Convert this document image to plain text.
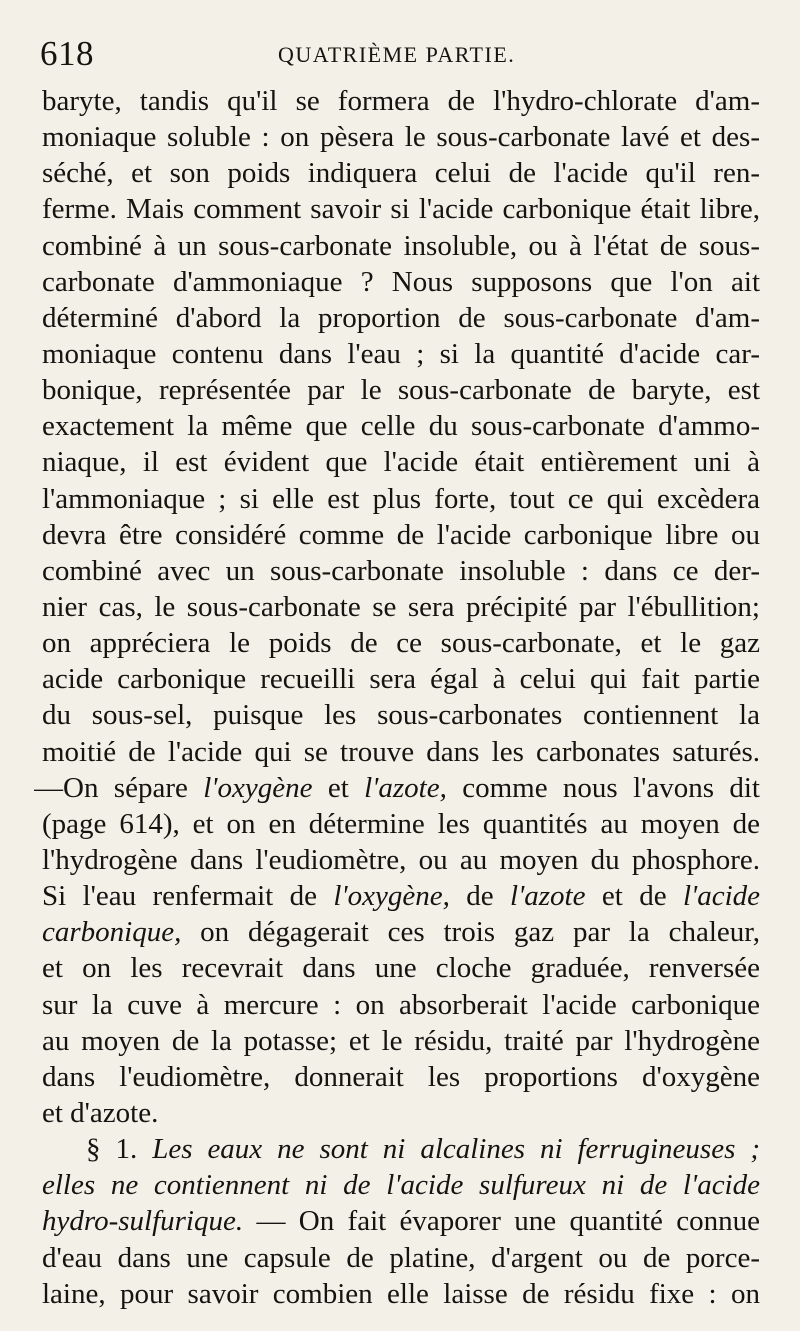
618	QUATRIÈME PARTIE.
baryte, tandis qu'il se formera de l'hydro-chlorate d'am-
moniaque soluble : on pèsera le sous-carbonate lavé et des-
séché, et son poids indiquera celui de l'acide qu'il ren-
ferme. Mais comment savoir si l'acide carbonique était libre,
combiné à un sous-carbonate insoluble, ou à l'état de sous-
carbonate d'ammoniaque ? Nous supposons que l'on ait
déterminé d'abord la proportion de sous-carbonate d'am-
moniaque contenu dans l'eau ; si la quantité d'acide car-
bonique, représentée par le sous-carbonate de baryte, est
exactement la même que celle du sous-carbonate d'ammo-
niaque, il est évident que l'acide était entièrement uni à
l'ammoniaque ; si elle est plus forte, tout ce qui excèdera
devra être considéré comme de l'acide carbonique libre ou
combiné avec un sous-carbonate insoluble : dans ce der-
nier cas, le sous-carbonate se sera précipité par l'ébullition;
on appréciera le poids de ce sous-carbonate, et le gaz
acide carbonique recueilli sera égal à celui qui fait partie
du sous-sel, puisque les sous-carbonates contiennent la
moitié de l'acide qui se trouve dans les carbonates saturés.
—On sépare l'oxygène et l'azote, comme nous l'avons dit
(page 614), et on en détermine les quantités au moyen de
l'hydrogène dans l'eudiomètre, ou au moyen du phosphore.
Si l'eau renfermait de l'oxygène, de l'azote et de l'acide
carbonique, on dégagerait ces trois gaz par la chaleur,
et on les recevrait dans une cloche graduée, renversée
sur la cuve à mercure : on absorberait l'acide carbonique
au moyen de la potasse; et le résidu, traité par l'hydrogène
dans l'eudiomètre, donnerait les proportions d'oxygène
et d'azote.
§ 1. Les eaux ne sont ni alcalines ni ferrugineuses ;
elles ne contiennent ni de l'acide sulfureux ni de l'acide
hydro-sulfurique. — On fait évaporer une quantité connue
d'eau dans une capsule de platine, d'argent ou de porce-
laine, pour savoir combien elle laisse de résidu fixe : on
